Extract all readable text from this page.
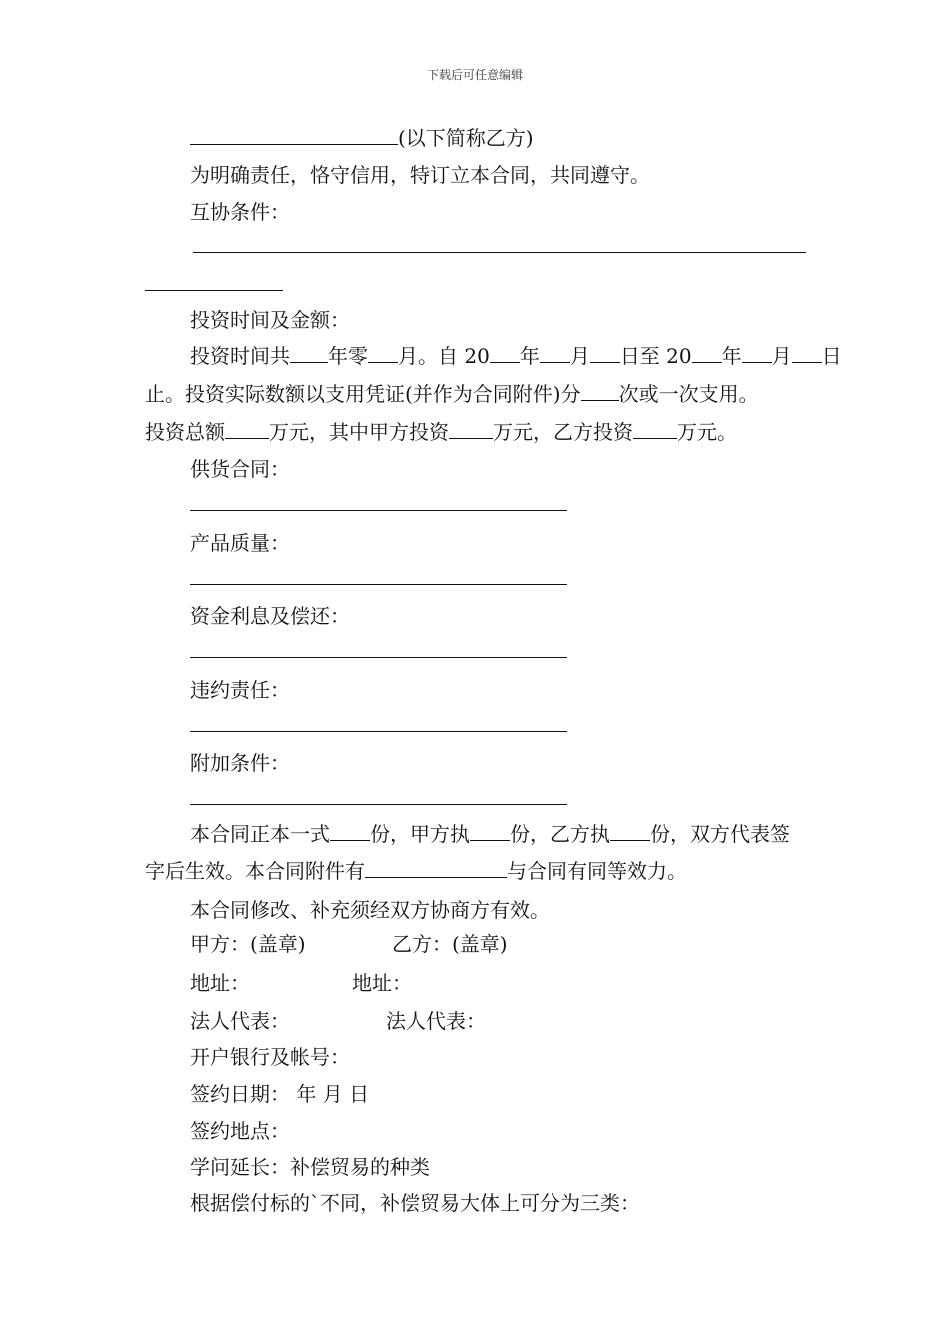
下载后可任意编辑
(以下简称乙方)
为明确责任，恪守信用，特订立本合同，共同遵守。
互协条件：
投资时间及金额：
投资时间共 年零 月。自 20 年 月 日至 20 年 月 日
止。投资实际数额以支用凭证(并作为合同附件)分 次或一次支用。
投资总额 万元，其中甲方投资 万元，乙方投资 万元。
供货合同：
产品质量：
资金利息及偿还：
违约责任：
附加条件：
本合同正本一式 份，甲方执 份，乙方执 份，双方代表签
字后生效。本合同附件有	与合同有同等效力。
本合同修改、补充须经双方协商方有效。
甲方：(盖章)	乙方：(盖章)
地址：	地址：
法人代表：	法人代表：
开户银行及帐号：
签约日期： 年 月 日
签约地点：
学问延长：补偿贸易的种类
根据偿付标的`不同，补偿贸易大体上可分为三类：
